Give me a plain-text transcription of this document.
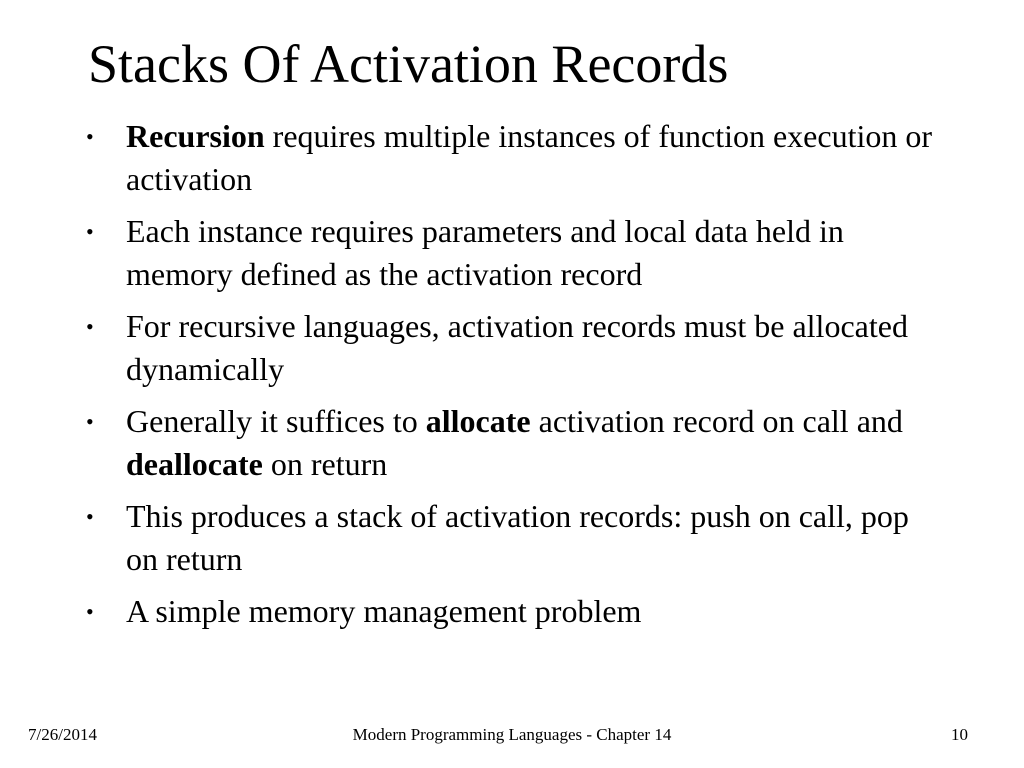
Stacks Of Activation Records
• Recursion requires multiple instances of function execution or activation
• Each instance requires parameters and local data held in memory defined as the activation record
• For recursive languages, activation records must be allocated dynamically
• Generally it suffices to allocate activation record on call and deallocate on return
• This produces a stack of activation records: push on call, pop on return
• A simple memory management problem
7/26/2014	Modern Programming Languages - Chapter 14	10
